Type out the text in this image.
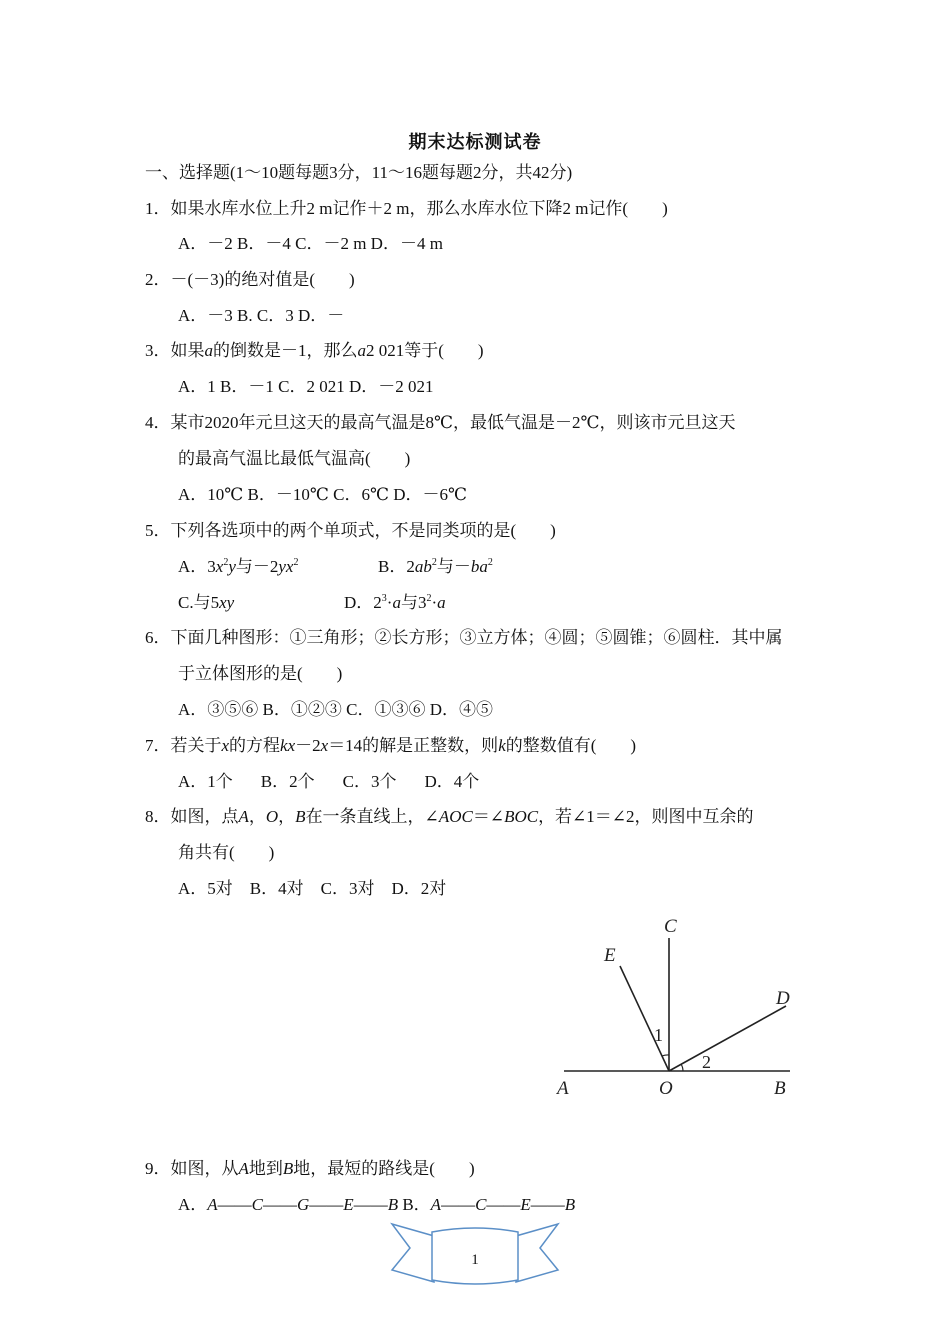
期末达标测试卷
一、选择题(1～10题每题3分，11～16题每题2分，共42分)
1．如果水库水位上升2 m记作＋2 m，那么水库水位下降2 m记作(　　)
A．－2 B．－4 C．－2 m D．－4 m
2．－(－3)的绝对值是(　　)
A．－3 B. C．3 D．－
3．如果a的倒数是－1，那么a2 021等于(　　)
A．1 B．－1 C．2 021 D．－2 021
4．某市2020年元旦这天的最高气温是8℃，最低气温是－2℃，则该市元旦这天
的最高气温比最低气温高(　　)
A．10℃ B．－10℃ C．6℃ D．－6℃
5．下列各选项中的两个单项式，不是同类项的是(　　)
A．$3x^2y$与$-2yx^2$	B．$2ab^2$与$-ba^2$
C.与5xy	D．$2^3\cdot a$与$3^2\cdot a$
6．下面几种图形：①三角形；②长方形；③立方体；④圆；⑤圆锥；⑥圆柱．其中属
于立体图形的是(　　)
A．③⑤⑥ B．①②③ C．①③⑥ D．④⑤
7．若关于x的方程kx－2x＝14的解是正整数，则k的整数值有(　　)
A．1个 B．2个 C．3个 D．4个
8．如图，点A，O，B在一条直线上，∠AOC＝∠BOC，若∠1＝∠2，则图中互余的
角共有(　　)
A．5对　B．4对　C．3对　D．2对
A	O	B
C
D
E
1
2
9．如图，从A地到B地，最短的路线是(　　)
A．A——C——G——E——B B．A——C——E——B
1
